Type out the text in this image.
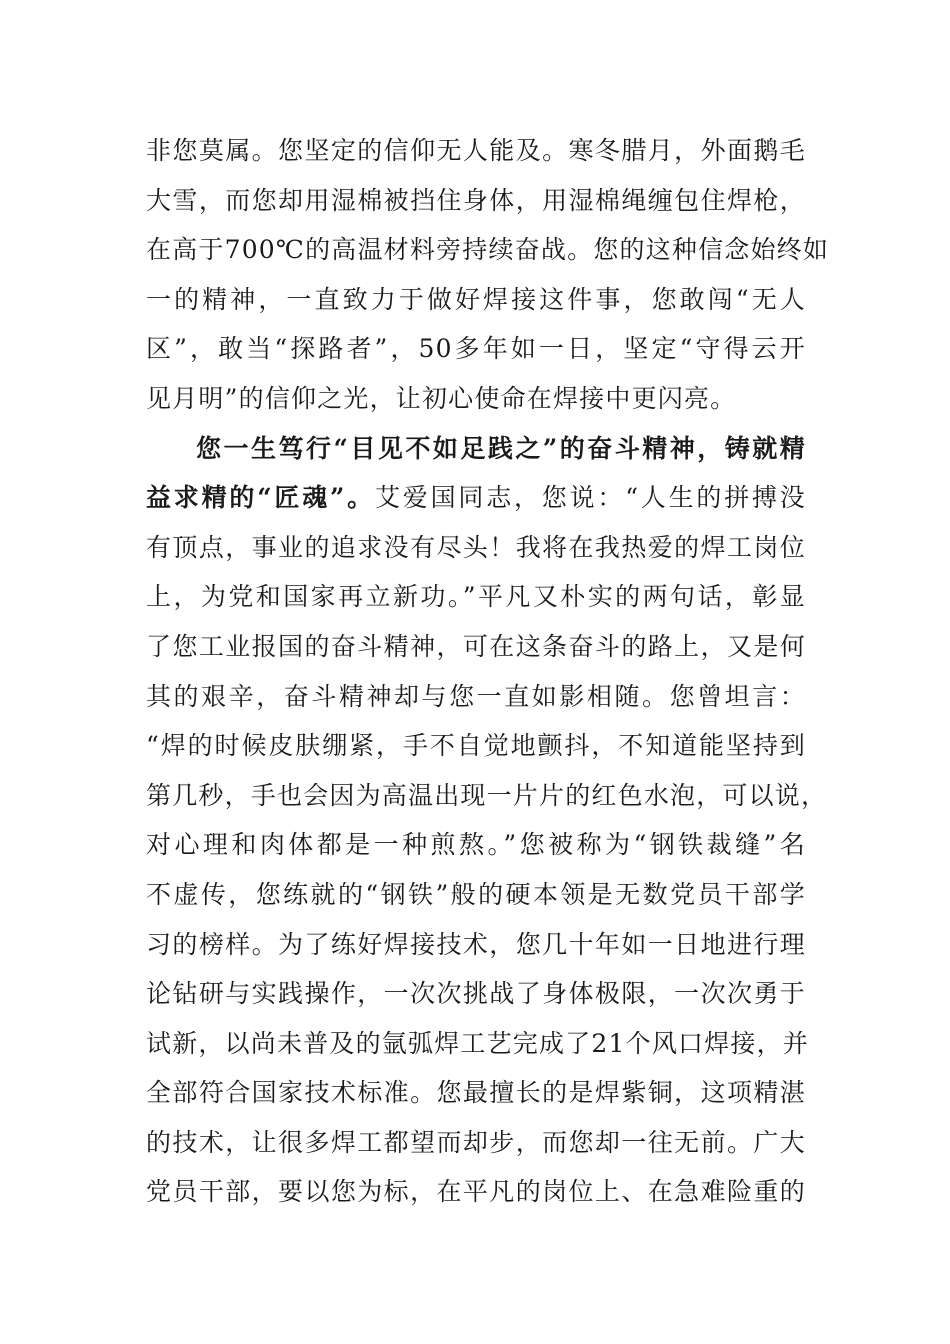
非您莫属。您坚定的信仰无人能及。寒冬腊月，外面鹅毛
大雪，而您却用湿棉被挡住身体，用湿棉绳缠包住焊枪，
在高于700℃的高温材料旁持续奋战。您的这种信念始终如
一的精神，一直致力于做好焊接这件事，您敢闯“无人
区”，敢当“探路者”，50多年如一日，坚定“守得云开
见月明”的信仰之光，让初心使命在焊接中更闪亮。
您一生笃行“目见不如足践之”的奋斗精神，铸就精
益求精的“匠魂”。艾爱国同志，您说：“人生的拼搏没
有顶点，事业的追求没有尽头！我将在我热爱的焊工岗位
上，为党和国家再立新功。”平凡又朴实的两句话，彰显
了您工业报国的奋斗精神，可在这条奋斗的路上，又是何
其的艰辛，奋斗精神却与您一直如影相随。您曾坦言：
“焊的时候皮肤绷紧，手不自觉地颤抖，不知道能坚持到
第几秒，手也会因为高温出现一片片的红色水泡，可以说，
对心理和肉体都是一种煎熬。”您被称为“钢铁裁缝”名
不虚传，您练就的“钢铁”般的硬本领是无数党员干部学
习的榜样。为了练好焊接技术，您几十年如一日地进行理
论钻研与实践操作，一次次挑战了身体极限，一次次勇于
试新，以尚未普及的氩弧焊工艺完成了21个风口焊接，并
全部符合国家技术标准。您最擅长的是焊紫铜，这项精湛
的技术，让很多焊工都望而却步，而您却一往无前。广大
党员干部，要以您为标，在平凡的岗位上、在急难险重的
